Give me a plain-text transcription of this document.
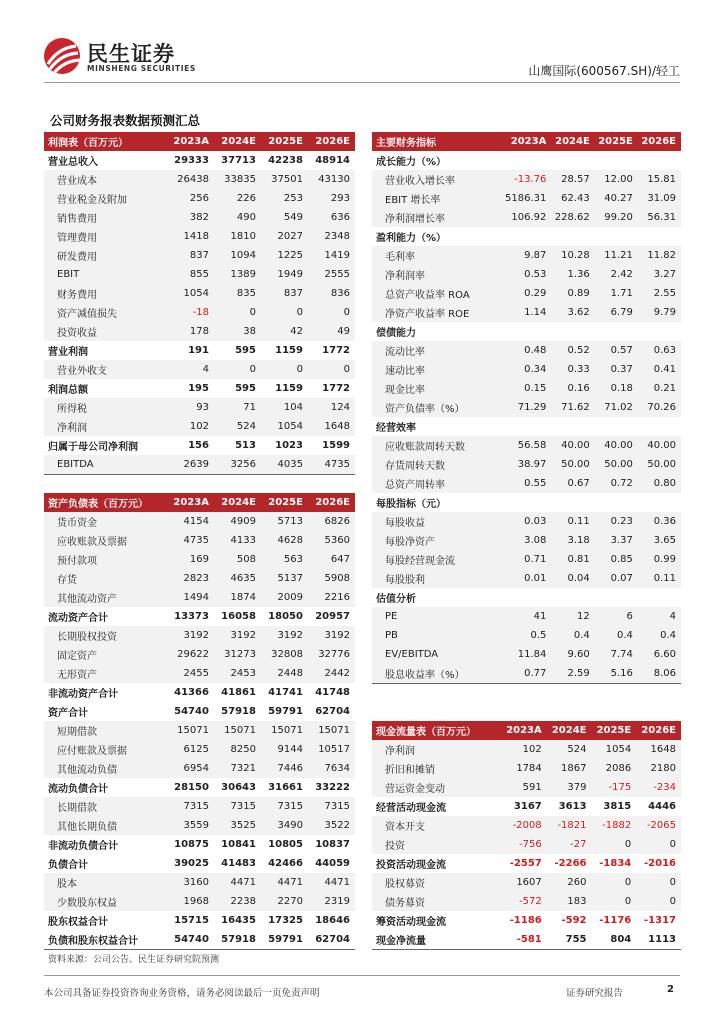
民生证券
MINSHENG SECURITIES	山鹰国际(600567.SH)/轻工
公司财务报表数据预测汇总
利润表（百万元）	2023A	2024E	2025E	2026E
营业总收入	29333	37713	42238	48914
营业成本	26438	33835	37501	43130
营业税金及附加	256	226	253	293
销售费用	382	490	549	636
管理费用	1418	1810	2027	2348
研发费用	837	1094	1225	1419
EBIT	855	1389	1949	2555
财务费用	1054	835	837	836
资产减值损失	-18	0	0	0
投资收益	178	38	42	49
营业利润	191	595	1159	1772
营业外收支	4	0	0	0
利润总额	195	595	1159	1772
所得税	93	71	104	124
净利润	102	524	1054	1648
归属于母公司净利润	156	513	1023	1599
EBITDA	2639	3256	4035	4735
资产负债表（百万元）	2023A	2024E	2025E	2026E
货币资金	4154	4909	5713	6826
应收账款及票据	4735	4133	4628	5360
预付款项	169	508	563	647
存货	2823	4635	5137	5908
其他流动资产	1494	1874	2009	2216
流动资产合计	13373	16058	18050	20957
长期股权投资	3192	3192	3192	3192
固定资产	29622	31273	32808	32776
无形资产	2455	2453	2448	2442
非流动资产合计	41366	41861	41741	41748
资产合计	54740	57918	59791	62704
短期借款	15071	15071	15071	15071
应付账款及票据	6125	8250	9144	10517
其他流动负债	6954	7321	7446	7634
流动负债合计	28150	30643	31661	33222
长期借款	7315	7315	7315	7315
其他长期负债	3559	3525	3490	3522
非流动负债合计	10875	10841	10805	10837
负债合计	39025	41483	42466	44059
股本	3160	4471	4471	4471
少数股东权益	1968	2238	2270	2319
股东权益合计	15715	16435	17325	18646
负债和股东权益合计	54740	57918	59791	62704
主要财务指标	2023A	2024E	2025E	2026E
成长能力（%）				
营业收入增长率	-13.76	28.57	12.00	15.81
EBIT 增长率	5186.31	62.43	40.27	31.09
净利润增长率	106.92	228.62	99.20	56.31
盈利能力（%）				
毛利率	9.87	10.28	11.21	11.82
净利润率	0.53	1.36	2.42	3.27
总资产收益率 ROA	0.29	0.89	1.71	2.55
净资产收益率 ROE	1.14	3.62	6.79	9.79
偿债能力				
流动比率	0.48	0.52	0.57	0.63
速动比率	0.34	0.33	0.37	0.41
现金比率	0.15	0.16	0.18	0.21
资产负债率（%）	71.29	71.62	71.02	70.26
经营效率				
应收账款周转天数	56.58	40.00	40.00	40.00
存货周转天数	38.97	50.00	50.00	50.00
总资产周转率	0.55	0.67	0.72	0.80
每股指标（元）				
每股收益	0.03	0.11	0.23	0.36
每股净资产	3.08	3.18	3.37	3.65
每股经营现金流	0.71	0.81	0.85	0.99
每股股利	0.01	0.04	0.07	0.11
估值分析				
PE	41	12	6	4
PB	0.5	0.4	0.4	0.4
EV/EBITDA	11.84	9.60	7.74	6.60
股息收益率（%）	0.77	2.59	5.16	8.06
现金流量表（百万元）	2023A	2024E	2025E	2026E
净利润	102	524	1054	1648
折旧和摊销	1784	1867	2086	2180
营运资金变动	591	379	-175	-234
经营活动现金流	3167	3613	3815	4446
资本开支	-2008	-1821	-1882	-2065
投资	-756	-27	0	0
投资活动现金流	-2557	-2266	-1834	-2016
股权募资	1607	260	0	0
债务募资	-572	183	0	0
筹资活动现金流	-1186	-592	-1176	-1317
现金净流量	-581	755	804	1113
资料来源：公司公告、民生证券研究院预测
本公司具备证券投资咨询业务资格，请务必阅读最后一页免责声明	证券研究报告	2
